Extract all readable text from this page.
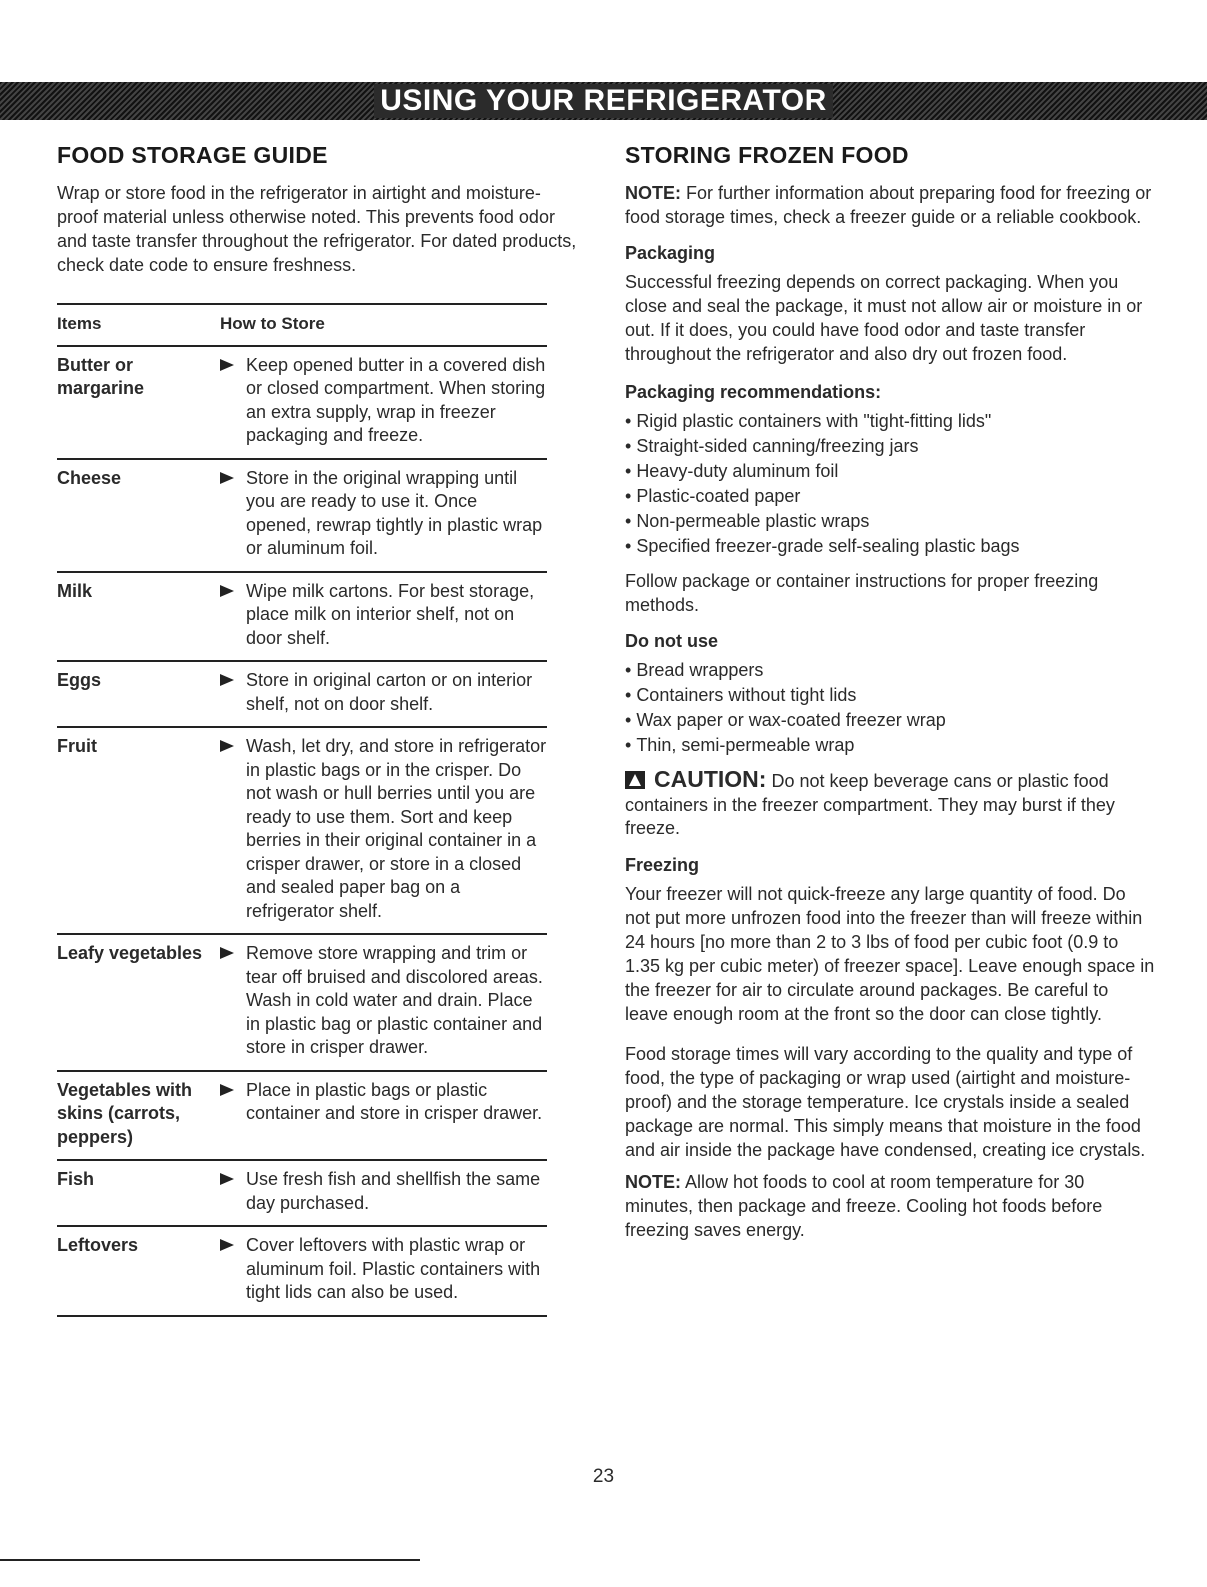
USING YOUR REFRIGERATOR
FOOD STORAGE GUIDE

Wrap or store food in the refrigerator in airtight and moisture-proof material unless otherwise noted. This prevents food odor and taste transfer throughout the refrigerator. For dated products, check date code to ensure freshness.

Items	How to Store
Butter or margarine	Keep opened butter in a covered dish or closed compartment. When storing an extra supply, wrap in freezer packaging and freeze.

Cheese	Store in the original wrapping until you are ready to use it. Once opened, rewrap tightly in plastic wrap or aluminum foil.

Milk	Wipe milk cartons. For best storage, place milk on interior shelf, not on door shelf.

Eggs	Store in original carton or on interior shelf, not on door shelf.

Fruit	Wash, let dry, and store in refrigerator in plastic bags or in the crisper. Do not wash or hull berries until you are ready to use them. Sort and keep berries in their original container in a crisper drawer, or store in a closed and sealed paper bag on a refrigerator shelf.

Leafy vegetables	Remove store wrapping and trim or tear off bruised and discolored areas. Wash in cold water and drain. Place in plastic bag or plastic container and store in crisper drawer.

Vegetables with skins (carrots, peppers)	Place in plastic bags or plastic container and store in crisper drawer.

Fish	Use fresh fish and shellfish the same day purchased.

Leftovers	Cover leftovers with plastic wrap or aluminum foil. Plastic containers with tight lids can also be used.
STORING FROZEN FOOD
NOTE: For further information about preparing food for freezing or food storage times, check a freezer guide or a reliable cookbook.
Packaging

Successful freezing depends on correct packaging. When you close and seal the package, it must not allow air or moisture in or out. If it does, you could have food odor and taste transfer throughout the refrigerator and also dry out frozen food.

Packaging recommendations:
• Rigid plastic containers with "tight-fitting lids"
• Straight-sided canning/freezing jars
• Heavy-duty aluminum foil
• Plastic-coated paper
• Non-permeable plastic wraps
• Specified freezer-grade self-sealing plastic bags

Follow package or container instructions for proper freezing methods.

Do not use
• Bread wrappers
• Containers without tight lids
• Wax paper or wax-coated freezer wrap
• Thin, semi-permeable wrap
CAUTION: Do not keep beverage cans or plastic food containers in the freezer compartment. They may burst if they freeze.
Freezing

Your freezer will not quick-freeze any large quantity of food. Do not put more unfrozen food into the freezer than will freeze within 24 hours [no more than 2 to 3 lbs of food per cubic foot (0.9 to 1.35 kg per cubic meter) of freezer space]. Leave enough space in the freezer for air to circulate around packages. Be careful to leave enough room at the front so the door can close tightly.

Food storage times will vary according to the quality and type of food, the type of packaging or wrap used (airtight and moisture-proof) and the storage temperature. Ice crystals inside a sealed package are normal. This simply means that moisture in the food and air inside the package have condensed, creating ice crystals.

NOTE: Allow hot foods to cool at room temperature for 30 minutes, then package and freeze. Cooling hot foods before freezing saves energy.
23
